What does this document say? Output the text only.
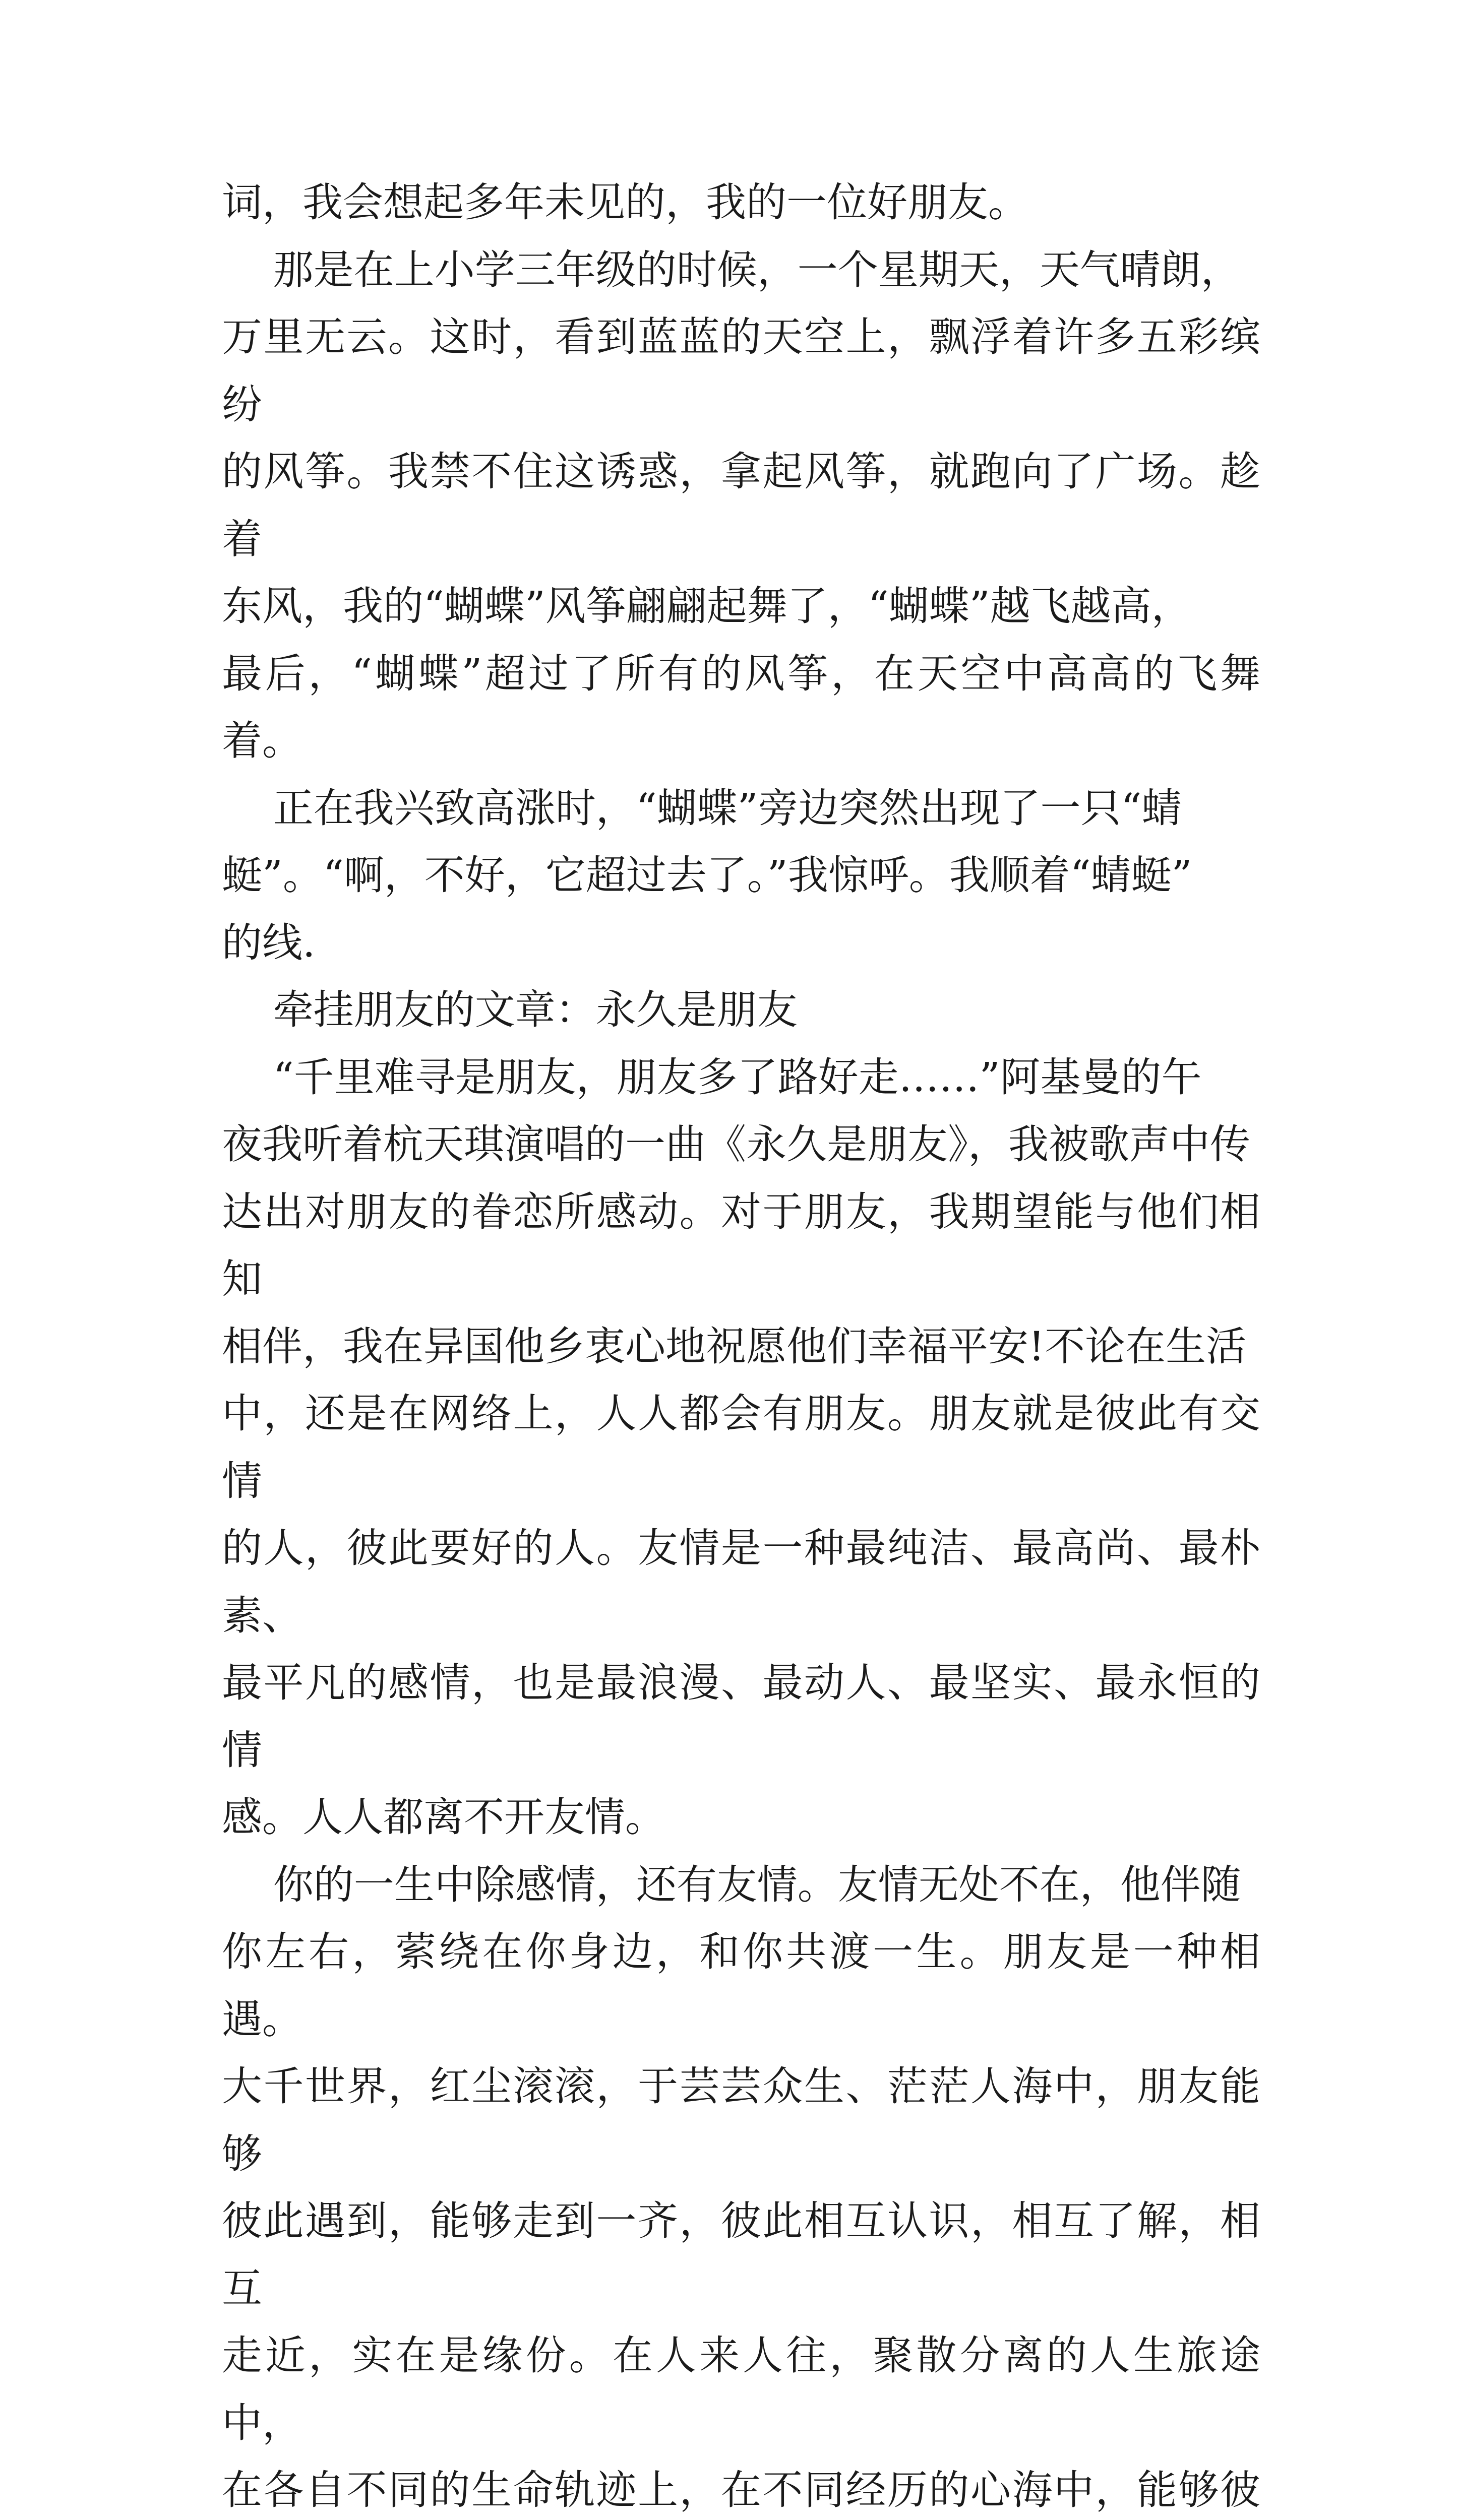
词，我会想起多年未见的，我的一位好朋友。

那是在上小学三年级的时候，一个星期天，天气晴朗，

万里无云。这时，看到蓝蓝的天空上，飘浮着许多五彩缤纷

的风筝。我禁不住这诱惑，拿起风筝，就跑向了广场。趁着

东风，我的“蝴蝶”风筝翩翩起舞了，“蝴蝶”越飞越高，

最后，“蝴蝶”超过了所有的风筝，在天空中高高的飞舞着。

正在我兴致高涨时，“蝴蝶”旁边突然出现了一只“蜻

蜓”。“啊，不好，它超过去了。”我惊呼。我顺着“蜻蜓”

的线.

牵挂朋友的文章：永久是朋友

“千里难寻是朋友，朋友多了路好走……”阿基曼的午

夜我听着杭天琪演唱的一曲《永久是朋友》，我被歌声中传

达出对朋友的眷恋所感动。对于朋友，我期望能与他们相知

相伴，我在异国他乡衷心地祝愿他们幸福平安!不论在生活

中，还是在网络上，人人都会有朋友。朋友就是彼此有交情

的人，彼此要好的人。友情是一种最纯洁、最高尚、最朴素、

最平凡的感情，也是最浪漫、最动人、最坚实、最永恒的情

感。人人都离不开友情。

你的一生中除感情，还有友情。友情无处不在，他伴随

你左右，萦绕在你身边，和你共渡一生。朋友是一种相遇。

大千世界，红尘滚滚，于芸芸众生、茫茫人海中，朋友能够

彼此遇到，能够走到一齐，彼此相互认识，相互了解，相互

走近，实在是缘份。在人来人往，聚散分离的人生旅途中，

在各自不同的生命轨迹上，在不同经历的心海中，能够彼
